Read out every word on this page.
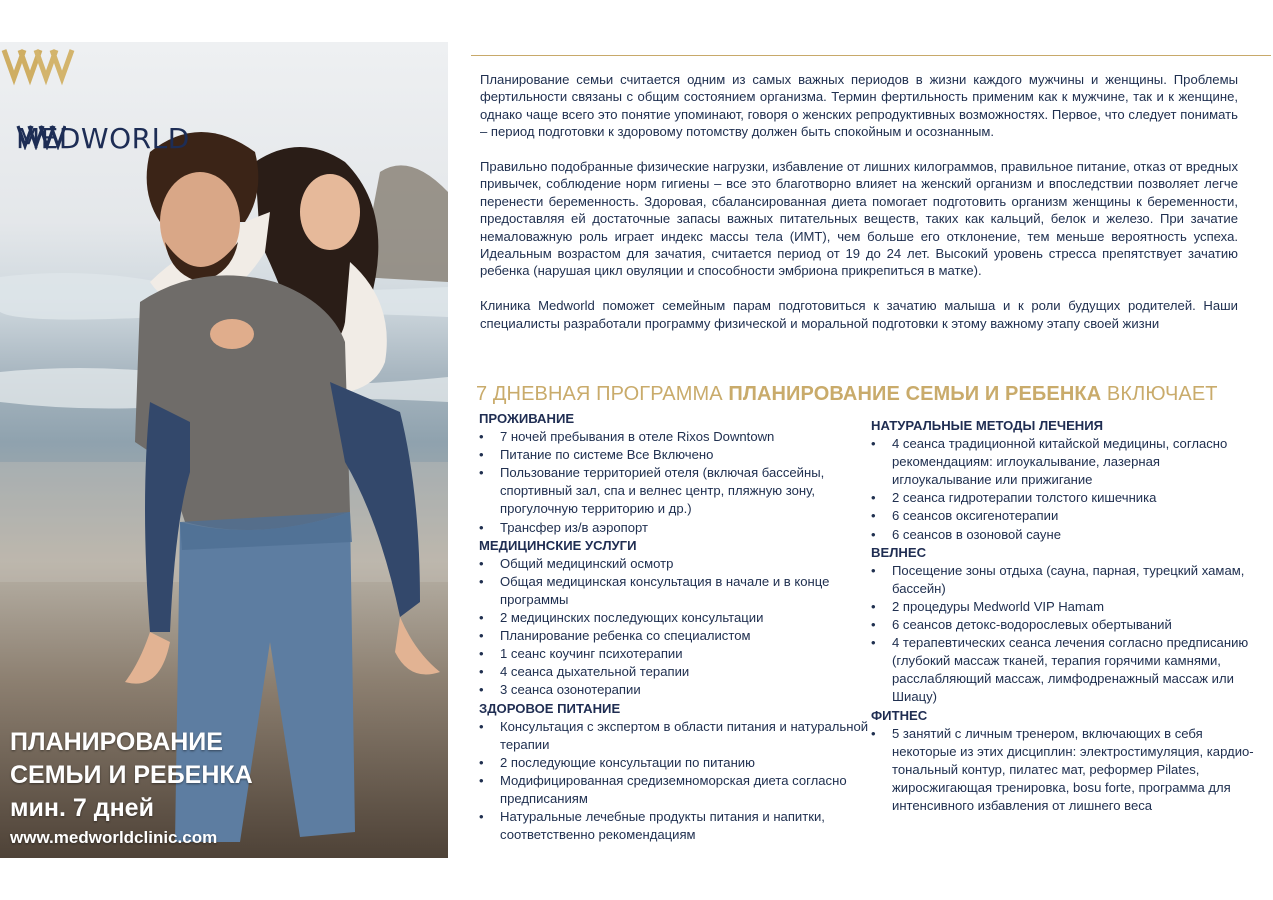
MEDWORLD
ПЛАНИРОВАНИЕ
СЕМЬИ И РЕБЕНКА
мин. 7 дней
www.medworldclinic.com

Планирование семьи считается одним из самых важных периодов в жизни каждого мужчины и женщины. Проблемы фертильности связаны с общим состоянием организма. Термин фертильность применим как к мужчине, так и к женщине, однако чаще всего это понятие упоминают, говоря о женских репродуктивных возможностях. Первое, что следует понимать – период подготовки к здоровому потомству должен быть спокойным и осознанным.

Правильно подобранные физические нагрузки, избавление от лишних килограммов, правильное питание, отказ от вредных привычек, соблюдение норм гигиены – все это благотворно влияет на женский организм и впоследствии позволяет легче перенести беременность. Здоровая, сбалансированная диета помогает подготовить организм женщины к беременности, предоставляя ей достаточные запасы важных питательных веществ, таких как кальций, белок и железо. При зачатие немаловажную роль играет индекс массы тела (ИМТ), чем больше его отклонение, тем меньше вероятность успеха. Идеальным возрастом для зачатия, считается период от 19 до 24 лет. Высокий уровень стресса препятствует зачатию ребенка (нарушая цикл овуляции и способности эмбриона прикрепиться в матке).

Клиника Medworld поможет семейным парам подготовиться к зачатию малыша и к роли будущих родителей. Наши специалисты разработали программу физической и моральной подготовки к этому важному этапу своей жизни

7 ДНЕВНАЯ ПРОГРАММА ПЛАНИРОВАНИЕ СЕМЬИ И РЕБЕНКА ВКЛЮЧАЕТ
ПРОЖИВАНИЕ
• 7 ночей пребывания в отеле Rixos Downtown
• Питание по системе Все Включено
• Пользование территорией отеля (включая бассейны, спортивный зал, спа и велнес центр, пляжную зону, прогулочную территорию и др.)
• Трансфер из/в аэропорт
МЕДИЦИНСКИЕ УСЛУГИ
• Общий медицинский осмотр
• Общая медицинская консультация в начале и в конце программы
• 2 медицинских последующих консультации
• Планирование ребенка со специалистом
• 1 сеанс коучинг психотерапии
• 4 сеанса дыхательной терапии
• 3 сеанса озонотерапии
ЗДОРОВОЕ ПИТАНИЕ
• Консультация с экспертом в области питания и натуральной терапии
• 2 последующие консультации по питанию
• Модифицированная средиземноморская диета согласно предписаниям
• Натуральные лечебные продукты питания и напитки, соответственно рекомендациям
НАТУРАЛЬНЫЕ МЕТОДЫ ЛЕЧЕНИЯ
• 4 сеанса традиционной китайской медицины, согласно рекомендациям: иглоукалывание, лазерная иглоукалывание или прижигание
• 2 сеанса гидротерапии толстого кишечника
• 6 сеансов оксигенотерапии
• 6 сеансов в озоновой сауне
ВЕЛНЕС
• Посещение зоны отдыха (сауна, парная, турецкий хамам, бассейн)
• 2 процедуры Medworld VIP Hamam
• 6 сеансов детокс-водорослевых обертываний
• 4 терапевтических сеанса лечения согласно предписанию (глубокий массаж тканей, терапия горячими камнями, расслабляющий массаж, лимфодренажный массаж или Шиацу)
ФИТНЕС
• 5 занятий с личным тренером, включающих в себя некоторые из этих дисциплин: электростимуляция, кардио-тональный контур, пилатес мат, реформер Pilates, жиросжигающая тренировка, bosu forte, программа для интенсивного избавления от лишнего веса
